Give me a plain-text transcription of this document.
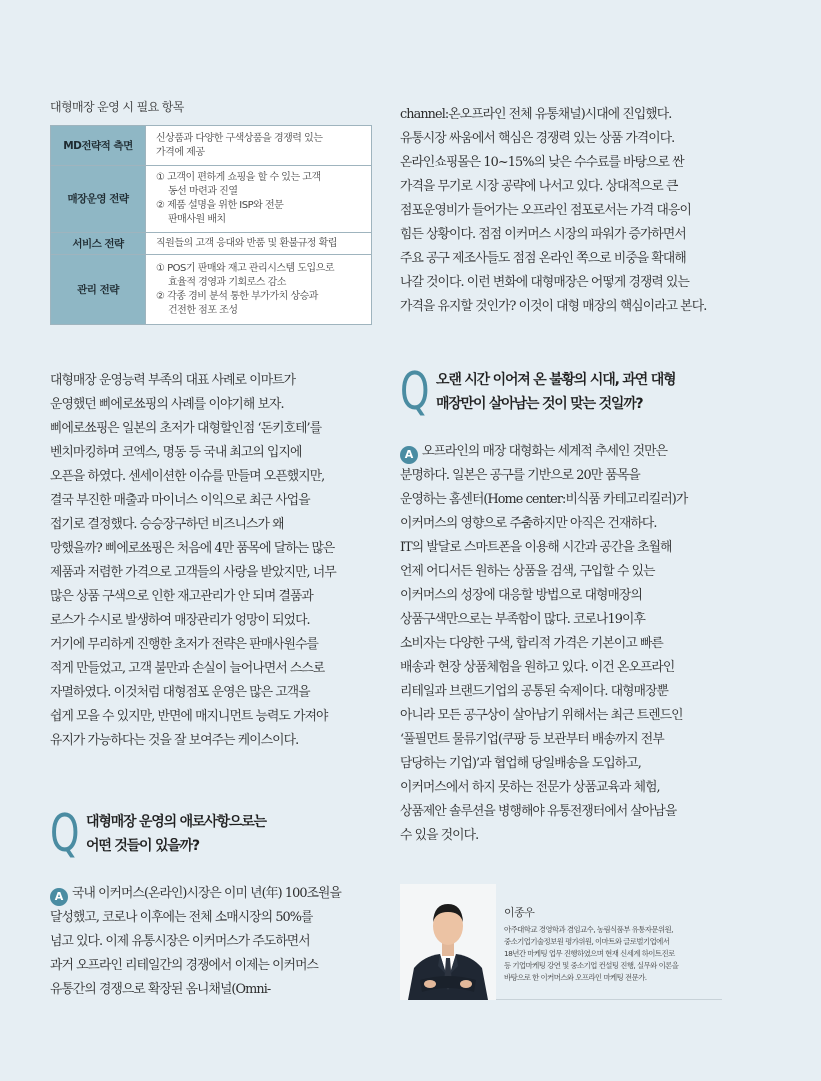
대형매장 운영 시 필요 항목
MD전략적 측면	신상품과 다양한 구색상품을 경쟁력 있는
가격에 제공

매장운영 전략	① 고객이 편하게 쇼핑을 할 수 있는 고객
동선 마련과 진열
② 제품 설명을 위한 ISP와 전문
판매사원 배치

서비스 전략	직원들의 고객 응대와 반품 및 환불규정 확립

관리 전략	① POS기 판매와 재고 관리시스템 도입으로
효율적 경영과 기회로스 감소
② 각종 경비 분석 통한 부가가치 상승과
건전한 점포 조성
대형매장 운영능력 부족의 대표 사례로 이마트가
운영했던 삐에로쑈핑의 사례를 이야기해 보자.
삐에로쑈핑은 일본의 초저가 대형할인점 ‘돈키호테’를
벤치마킹하며 코엑스, 명동 등 국내 최고의 입지에
오픈을 하였다. 센세이션한 이슈를 만들며 오픈했지만,
결국 부진한 매출과 마이너스 이익으로 최근 사업을
접기로 결정했다. 승승장구하던 비즈니스가 왜
망했을까? 삐에로쑈핑은 처음에 4만 품목에 달하는 많은
제품과 저렴한 가격으로 고객들의 사랑을 받았지만, 너무
많은 상품 구색으로 인한 재고관리가 안 되며 결품과
로스가 수시로 발생하여 매장관리가 엉망이 되었다.
거기에 무리하게 진행한 초저가 전략은 판매사원수를
적게 만들었고, 고객 불만과 손실이 늘어나면서 스스로
자멸하였다. 이것처럼 대형점포 운영은 많은 고객을
쉽게 모을 수 있지만, 반면에 매지니먼트 능력도 가져야
유지가 가능하다는 것을 잘 보여주는 케이스이다.
Q 대형매장 운영의 애로사항으로는
어떤 것들이 있을까?
A 국내 이커머스(온라인)시장은 이미 년(年) 100조원을
달성했고, 코로나 이후에는 전체 소매시장의 50%를
넘고 있다. 이제 유통시장은 이커머스가 주도하면서
과거 오프라인 리테일간의 경쟁에서 이제는 이커머스
유통간의 경쟁으로 확장된 옴니채널(Omni-
channel:온오프라인 전체 유통채널)시대에 진입했다.
유통시장 싸움에서 핵심은 경쟁력 있는 상품 가격이다.
온라인쇼핑몰은 10~15%의 낮은 수수료를 바탕으로 싼
가격을 무기로 시장 공략에 나서고 있다. 상대적으로 큰
점포운영비가 들어가는 오프라인 점포로서는 가격 대응이
힘든 상황이다. 점점 이커머스 시장의 파워가 증가하면서
주요 공구 제조사들도 점점 온라인 쪽으로 비중을 확대해
나갈 것이다. 이런 변화에 대형매장은 어떻게 경쟁력 있는
가격을 유지할 것인가? 이것이 대형 매장의 핵심이라고 본다.
Q 오랜 시간 이어져 온 불황의 시대, 과연 대형
매장만이 살아남는 것이 맞는 것일까?
A 오프라인의 매장 대형화는 세계적 추세인 것만은
분명하다. 일본은 공구를 기반으로 20만 품목을
운영하는 홈센터(Home center:비식품 카테고리킬러)가
이커머스의 영향으로 주춤하지만 아직은 건재하다.
IT의 발달로 스마트폰을 이용해 시간과 공간을 초월해
언제 어디서든 원하는 상품을 검색, 구입할 수 있는
이커머스의 성장에 대응할 방법으로 대형매장의
상품구색만으로는 부족함이 많다. 코로나19이후
소비자는 다양한 구색, 합리적 가격은 기본이고 빠른
배송과 현장 상품체험을 원하고 있다. 이건 온오프라인
리테일과 브랜드기업의 공통된 숙제이다. 대형매장뿐
아니라 모든 공구상이 살아남기 위해서는 최근 트렌드인
‘풀필먼트 물류기업(쿠팡 등 보관부터 배송까지 전부
담당하는 기업)’과 협업해 당일배송을 도입하고,
이커머스에서 하지 못하는 전문가 상품교육과 체험,
상품제안 솔루션을 병행해야 유통전쟁터에서 살아남을
수 있을 것이다.
이종우
아주대학교 경영학과 겸임교수, 농림식품부 유통자문위원,
중소기업기술정보원 평가위원, 이마트와 글로벌기업에서
18년간 마케팅 업무 진행하였으며 현재 신세계 하이트진로
등 기업마케팅 강연 및 중소기업 컨설팅 진행, 실무와 이론을
바탕으로 한 이커머스와 오프라인 마케팅 전문가.
